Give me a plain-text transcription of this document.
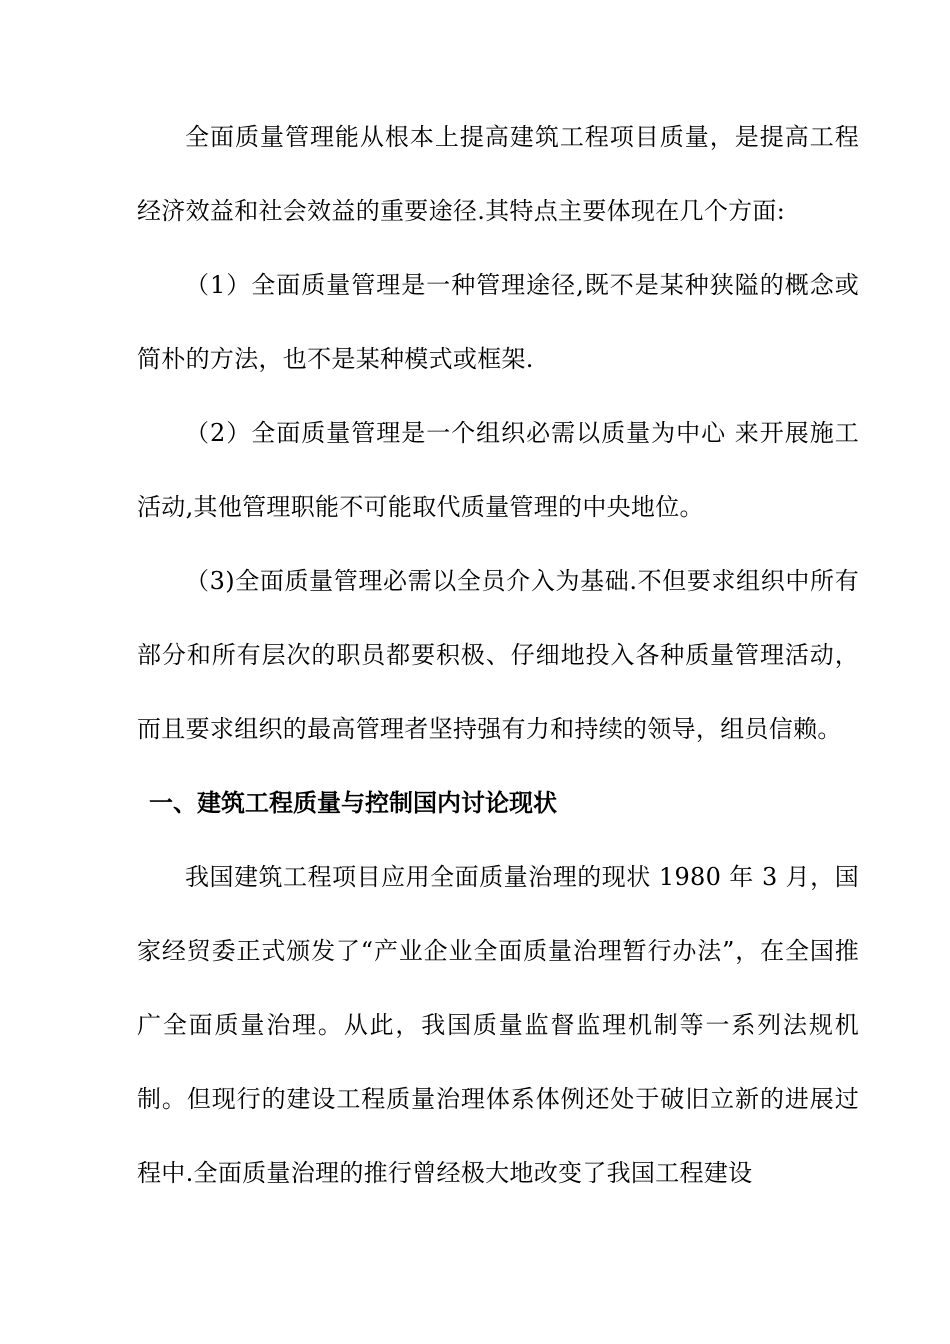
全面质量管理能从根本上提高建筑工程项目质量，是提高工程经济效益和社会效益的重要途径.其特点主要体现在几个方面:

（1）全面质量管理是一种管理途径,既不是某种狭隘的概念或简朴的方法，也不是某种模式或框架.

（2）全面质量管理是一个组织必需以质量为中心 来开展施工活动,其他管理职能不可能取代质量管理的中央地位。

（3)全面质量管理必需以全员介入为基础.不但要求组织中所有部分和所有层次的职员都要积极、仔细地投入各种质量管理活动，而且要求组织的最高管理者坚持强有力和持续的领导，组员信赖。

一、建筑工程质量与控制国内讨论现状

我国建筑工程项目应用全面质量治理的现状 1980 年 3 月，国家经贸委正式颁发了“产业企业全面质量治理暂行办法”，在全国推广全面质量治理。从此，我国质量监督监理机制等一系列法规机制。但现行的建设工程质量治理体系体例还处于破旧立新的进展过程中.全面质量治理的推行曾经极大地改变了我国工程建设
